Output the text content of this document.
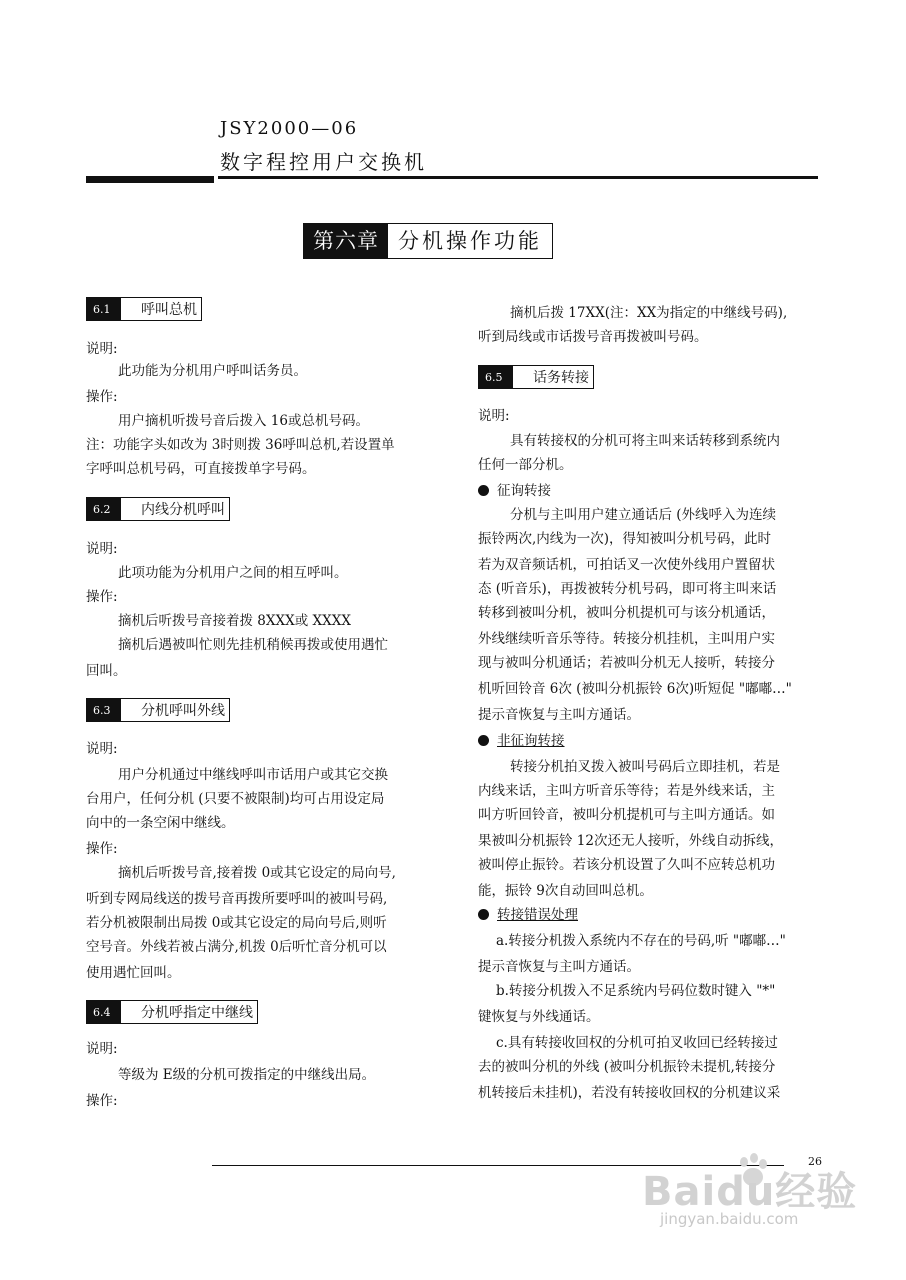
JSY2000—06
数字程控用户交换机
第六章 分机操作功能
6.1	呼叫总机
说明:
此功能为分机用户呼叫话务员。
操作:
用户摘机听拨号音后拨入 16或总机号码。
注：功能字头如改为 3时则拨 36呼叫总机,若设置单
字呼叫总机号码，可直接拨单字号码。
6.2	内线分机呼叫
说明:
此项功能为分机用户之间的相互呼叫。
操作:
摘机后听拨号音接着拨 8XXX或 XXXX
摘机后遇被叫忙则先挂机稍候再拨或使用遇忙
回叫。
6.3	分机呼叫外线
说明:
用户分机通过中继线呼叫市话用户或其它交换
台用户，任何分机 (只要不被限制)均可占用设定局
向中的一条空闲中继线。
操作:
摘机后听拨号音,接着拨 0或其它设定的局向号,
听到专网局线送的拨号音再拨所要呼叫的被叫号码,
若分机被限制出局拨 0或其它设定的局向号后,则听
空号音。外线若被占满分,机拨 0后听忙音分机可以
使用遇忙回叫。
6.4	分机呼指定中继线
说明:
等级为 E级的分机可拨指定的中继线出局。
操作:
摘机后拨 17XX(注：XX为指定的中继线号码),
听到局线或市话拨号音再拨被叫号码。
6.5	话务转接
说明:
具有转接权的分机可将主叫来话转移到系统内
任何一部分机。
征询转接
分机与主叫用户建立通话后 (外线呼入为连续
振铃两次,内线为一次)，得知被叫分机号码，此时
若为双音频话机，可拍话叉一次使外线用户置留状
态 (听音乐)，再拨被转分机号码，即可将主叫来话
转移到被叫分机，被叫分机提机可与该分机通话，
外线继续听音乐等待。转接分机挂机，主叫用户实
现与被叫分机通话；若被叫分机无人接听，转接分
机听回铃音 6次 (被叫分机振铃 6次)听短促 "嘟嘟…"
提示音恢复与主叫方通话。
非征询转接
转接分机拍叉拨入被叫号码后立即挂机，若是
内线来话，主叫方听音乐等待；若是外线来话，主
叫方听回铃音，被叫分机提机可与主叫方通话。如
果被叫分机振铃 12次还无人接听，外线自动拆线，
被叫停止振铃。若该分机设置了久叫不应转总机功
能，振铃 9次自动回叫总机。
转接错误处理
a.转接分机拨入系统内不存在的号码,听 "嘟嘟…"
提示音恢复与主叫方通话。
b.转接分机拨入不足系统内号码位数时键入 "*"
键恢复与外线通话。
c.具有转接收回权的分机可拍叉收回已经转接过
去的被叫分机的外线 (被叫分机振铃未提机,转接分
机转接后未挂机)，若没有转接收回权的分机建议采
26
Baidu经验
jingyan.baidu.com
